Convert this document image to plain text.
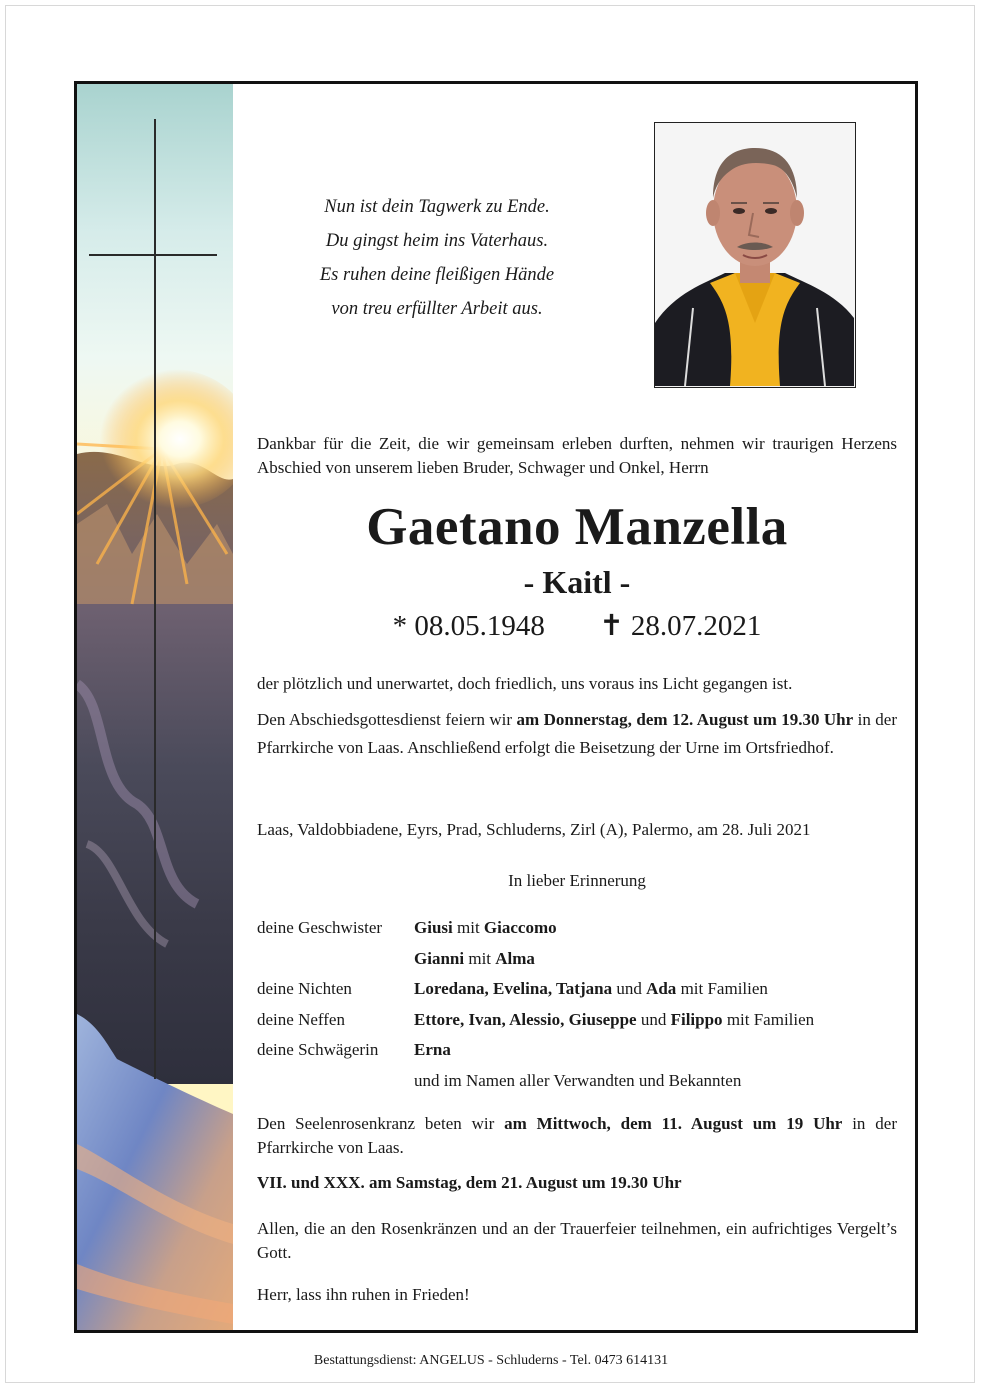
Nun ist dein Tagwerk zu Ende.
Du gingst heim ins Vaterhaus.
Es ruhen deine fleißigen Hände
von treu erfüllter Arbeit aus.
Dankbar für die Zeit, die wir gemeinsam erleben durften, nehmen wir traurigen Herzens Abschied von unserem lieben Bruder, Schwager und Onkel, Herrn
Gaetano Manzella
- Kaitl -
* 08.05.1948 ✝ 28.07.2021
der plötzlich und unerwartet, doch friedlich, uns voraus ins Licht gegangen ist.
Den Abschiedsgottesdienst feiern wir am Donnerstag, dem 12. August um 19.30 Uhr in der Pfarrkirche von Laas. Anschließend erfolgt die Beisetzung der Urne im Ortsfriedhof.
Laas, Valdobbiadene, Eyrs, Prad, Schluderns, Zirl (A), Palermo, am 28. Juli 2021
In lieber Erinnerung
deine Geschwister Giusi mit Giaccomo
Gianni mit Alma
deine Nichten	Loredana, Evelina, Tatjana und Ada mit Familien
deine Neffen	Ettore, Ivan, Alessio, Giuseppe und Filippo mit Familien
deine Schwägerin Erna
und im Namen aller Verwandten und Bekannten
Den Seelenrosenkranz beten wir am Mittwoch, dem 11. August um 19 Uhr in der Pfarrkirche von Laas.
VII. und XXX. am Samstag, dem 21. August um 19.30 Uhr
Allen, die an den Rosenkränzen und an der Trauerfeier teilnehmen, ein aufrichtiges Vergelt’s Gott.
Herr, lass ihn ruhen in Frieden!
Bestattungsdienst: ANGELUS - Schluderns - Tel. 0473 614131
